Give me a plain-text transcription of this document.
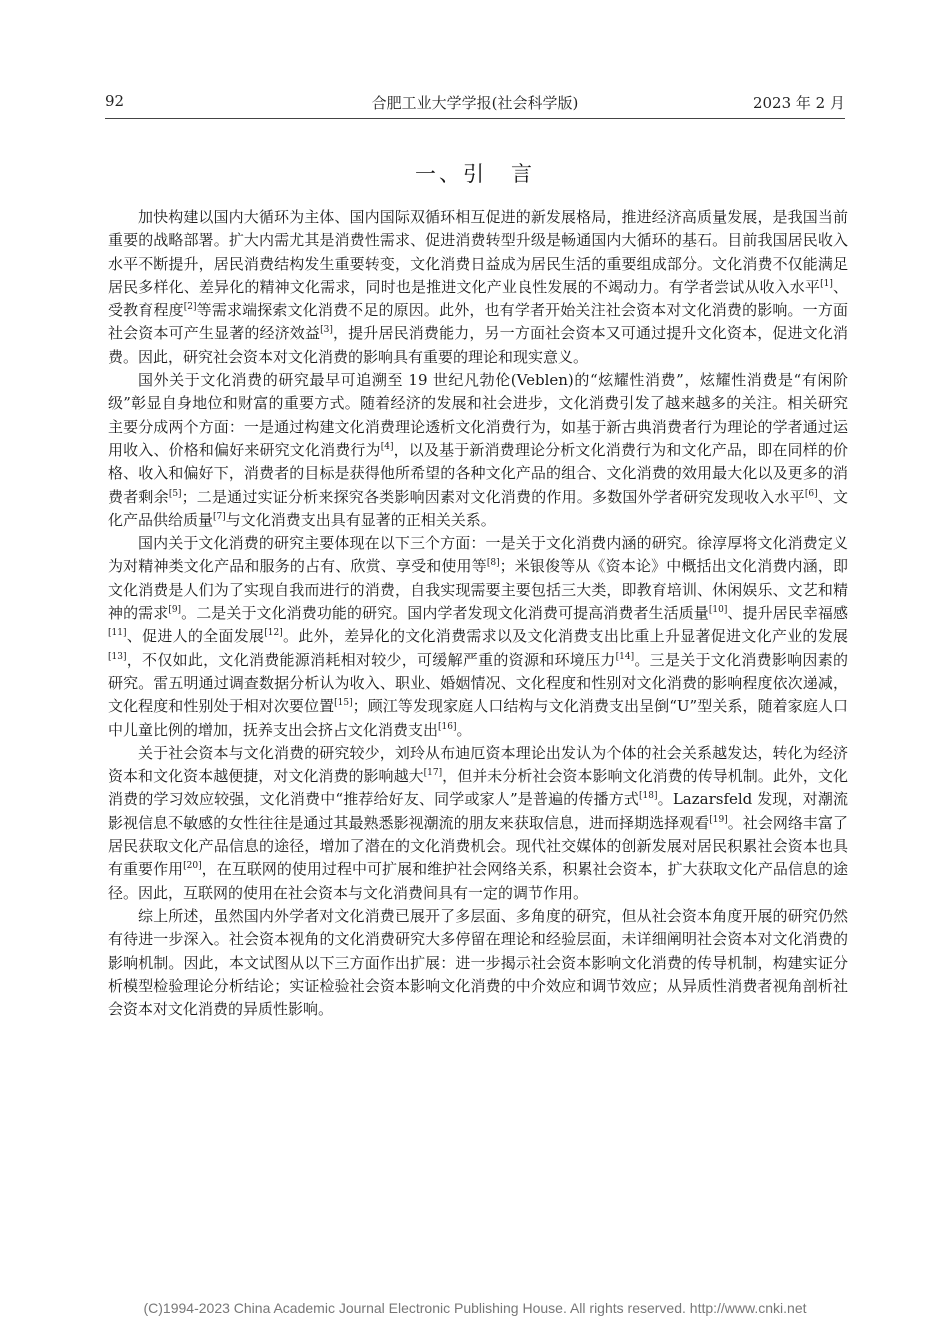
92	合肥工业大学学报(社会科学版)	2023 年 2 月
一、引　言

加快构建以国内大循环为主体、国内国际双循环相互促进的新发展格局，推进经济高质量发展，是我国当前重要的战略部署。扩大内需尤其是消费性需求、促进消费转型升级是畅通国内大循环的基石。目前我国居民收入水平不断提升，居民消费结构发生重要转变，文化消费日益成为居民生活的重要组成部分。文化消费不仅能满足居民多样化、差异化的精神文化需求，同时也是推进文化产业良性发展的不竭动力。有学者尝试从收入水平[1]、受教育程度[2]等需求端探索文化消费不足的原因。此外，也有学者开始关注社会资本对文化消费的影响。一方面社会资本可产生显著的经济效益[3]，提升居民消费能力，另一方面社会资本又可通过提升文化资本，促进文化消费。因此，研究社会资本对文化消费的影响具有重要的理论和现实意义。

国外关于文化消费的研究最早可追溯至 19 世纪凡勃伦(Veblen)的“炫耀性消费”，炫耀性消费是“有闲阶级”彰显自身地位和财富的重要方式。随着经济的发展和社会进步，文化消费引发了越来越多的关注。相关研究主要分成两个方面：一是通过构建文化消费理论透析文化消费行为，如基于新古典消费者行为理论的学者通过运用收入、价格和偏好来研究文化消费行为[4]，以及基于新消费理论分析文化消费行为和文化产品，即在同样的价格、收入和偏好下，消费者的目标是获得他所希望的各种文化产品的组合、文化消费的效用最大化以及更多的消费者剩余[5]；二是通过实证分析来探究各类影响因素对文化消费的作用。多数国外学者研究发现收入水平[6]、文化产品供给质量[7]与文化消费支出具有显著的正相关关系。

国内关于文化消费的研究主要体现在以下三个方面：一是关于文化消费内涵的研究。徐淳厚将文化消费定义为对精神类文化产品和服务的占有、欣赏、享受和使用等[8]；米银俊等从《资本论》中概括出文化消费内涵，即文化消费是人们为了实现自我而进行的消费，自我实现需要主要包括三大类，即教育培训、休闲娱乐、文艺和精神的需求[9]。二是关于文化消费功能的研究。国内学者发现文化消费可提高消费者生活质量[10]、提升居民幸福感[11]、促进人的全面发展[12]。此外，差异化的文化消费需求以及文化消费支出比重上升显著促进文化产业的发展[13]，不仅如此，文化消费能源消耗相对较少，可缓解严重的资源和环境压力[14]。三是关于文化消费影响因素的研究。雷五明通过调查数据分析认为收入、职业、婚姻情况、文化程度和性别对文化消费的影响程度依次递减，文化程度和性别处于相对次要位置[15]；顾江等发现家庭人口结构与文化消费支出呈倒“U”型关系，随着家庭人口中儿童比例的增加，抚养支出会挤占文化消费支出[16]。

关于社会资本与文化消费的研究较少，刘玲从布迪厄资本理论出发认为个体的社会关系越发达，转化为经济资本和文化资本越便捷，对文化消费的影响越大[17]，但并未分析社会资本影响文化消费的传导机制。此外，文化消费的学习效应较强，文化消费中“推荐给好友、同学或家人”是普遍的传播方式[18]。Lazarsfeld 发现，对潮流影视信息不敏感的女性往往是通过其最熟悉影视潮流的朋友来获取信息，进而择期选择观看[19]。社会网络丰富了居民获取文化产品信息的途径，增加了潜在的文化消费机会。现代社交媒体的创新发展对居民积累社会资本也具有重要作用[20]，在互联网的使用过程中可扩展和维护社会网络关系，积累社会资本，扩大获取文化产品信息的途径。因此，互联网的使用在社会资本与文化消费间具有一定的调节作用。

综上所述，虽然国内外学者对文化消费已展开了多层面、多角度的研究，但从社会资本角度开展的研究仍然有待进一步深入。社会资本视角的文化消费研究大多停留在理论和经验层面，未详细阐明社会资本对文化消费的影响机制。因此，本文试图从以下三方面作出扩展：进一步揭示社会资本影响文化消费的传导机制，构建实证分析模型检验理论分析结论；实证检验社会资本影响文化消费的中介效应和调节效应；从异质性消费者视角剖析社会资本对文化消费的异质性影响。

(C)1994-2023 China Academic Journal Electronic Publishing House. All rights reserved. http://www.cnki.net
